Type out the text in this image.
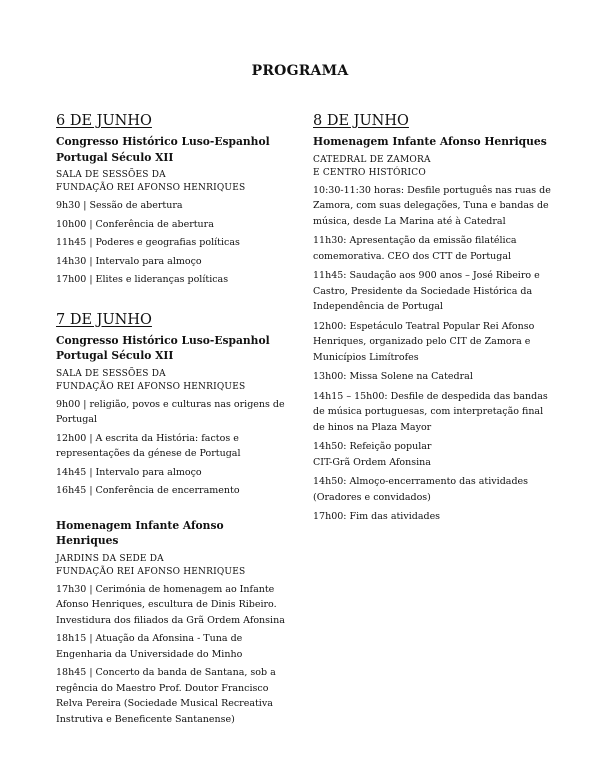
PROGRAMA
6 DE JUNHO

Congresso Histórico Luso-Espanhol Portugal Século XII

SALA DE SESSÕES DA
FUNDAÇÃO REI AFONSO HENRIQUES

9h30 | Sessão de abertura

10h00 | Conferência de abertura

11h45 | Poderes e geografias políticas

14h30 | Intervalo para almoço

17h00 | Elites e lideranças políticas

7 DE JUNHO

Congresso Histórico Luso-Espanhol Portugal Século XII

SALA DE SESSÕES DA
FUNDAÇÃO REI AFONSO HENRIQUES

9h00 | religião, povos e culturas nas origens de Portugal

12h00 | A escrita da História: factos e representações da génese de Portugal

14h45 | Intervalo para almoço

16h45 | Conferência de encerramento

Homenagem Infante Afonso Henriques

JARDINS DA SEDE DA
FUNDAÇÃO REI AFONSO HENRIQUES

17h30 | Cerimónia de homenagem ao Infante Afonso Henriques, escultura de Dinis Ribeiro. Investidura dos filiados da Grã Ordem Afonsina

18h15 | Atuação da Afonsina - Tuna de Engenharia da Universidade do Minho

18h45 | Concerto da banda de Santana, sob a regência do Maestro Prof. Doutor Francisco Relva Pereira (Sociedade Musical Recreativa Instrutiva e Beneficente Santanense)

8 DE JUNHO

Homenagem Infante Afonso Henriques

CATEDRAL DE ZAMORA
E CENTRO HISTÓRICO

10:30-11:30 horas: Desfile português nas ruas de Zamora, com suas delegações, Tuna e bandas de música, desde La Marina até à Catedral

11h30: Apresentação da emissão filatélica comemorativa. CEO dos CTT de Portugal

11h45: Saudação aos 900 anos – José Ribeiro e Castro, Presidente da Sociedade Histórica da Independência de Portugal

12h00: Espetáculo Teatral Popular Rei Afonso Henriques, organizado pelo CIT de Zamora e Municípios Limítrofes

13h00: Missa Solene na Catedral

14h15 – 15h00: Desfile de despedida das bandas de música portuguesas, com interpretação final de hinos na Plaza Mayor

14h50: Refeição popular

CIT-Grã Ordem Afonsina

14h50: Almoço-encerramento das atividades (Oradores e convidados)

17h00: Fim das atividades
